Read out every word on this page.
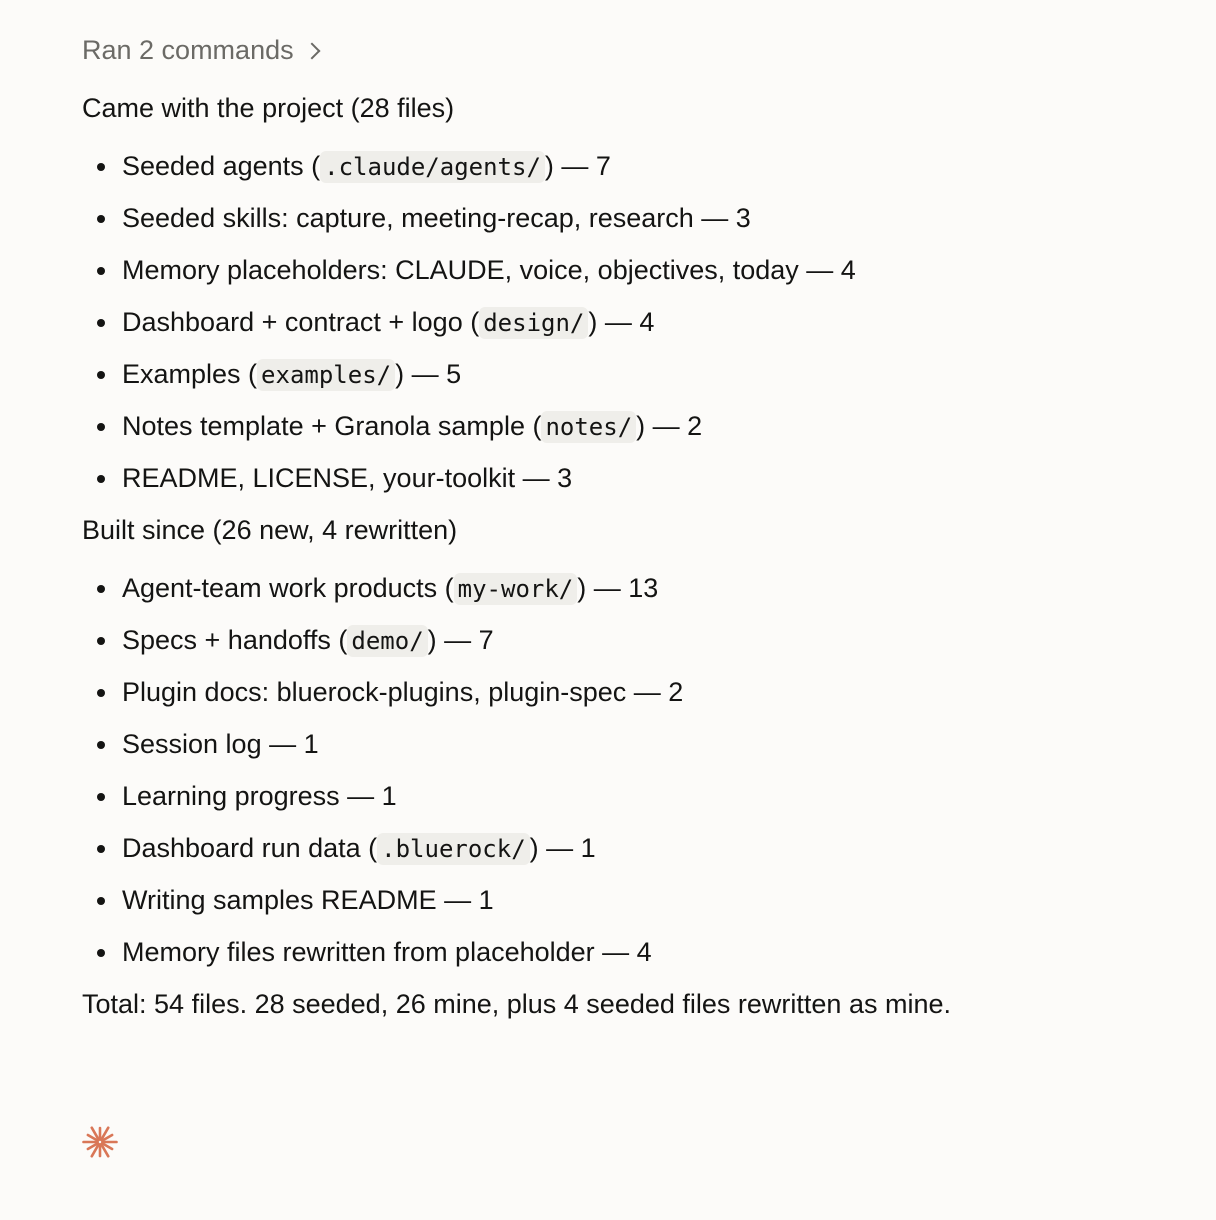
Ran 2 commands
Came with the project (28 files)
Seeded agents ( .claude/agents/ ) — 7
Seeded skills: capture, meeting-recap, research — 3
Memory placeholders: CLAUDE, voice, objectives, today — 4
Dashboard + contract + logo ( design/ ) — 4
Examples ( examples/ ) — 5
Notes template + Granola sample ( notes/ ) — 2
README, LICENSE, your-toolkit — 3
Built since (26 new, 4 rewritten)
Agent-team work products ( my-work/ ) — 13
Specs + handoffs ( demo/ ) — 7
Plugin docs: bluerock-plugins, plugin-spec — 2
Session log — 1
Learning progress — 1
Dashboard run data ( .bluerock/ ) — 1
Writing samples README — 1
Memory files rewritten from placeholder — 4
Total: 54 files. 28 seeded, 26 mine, plus 4 seeded files rewritten as mine.
